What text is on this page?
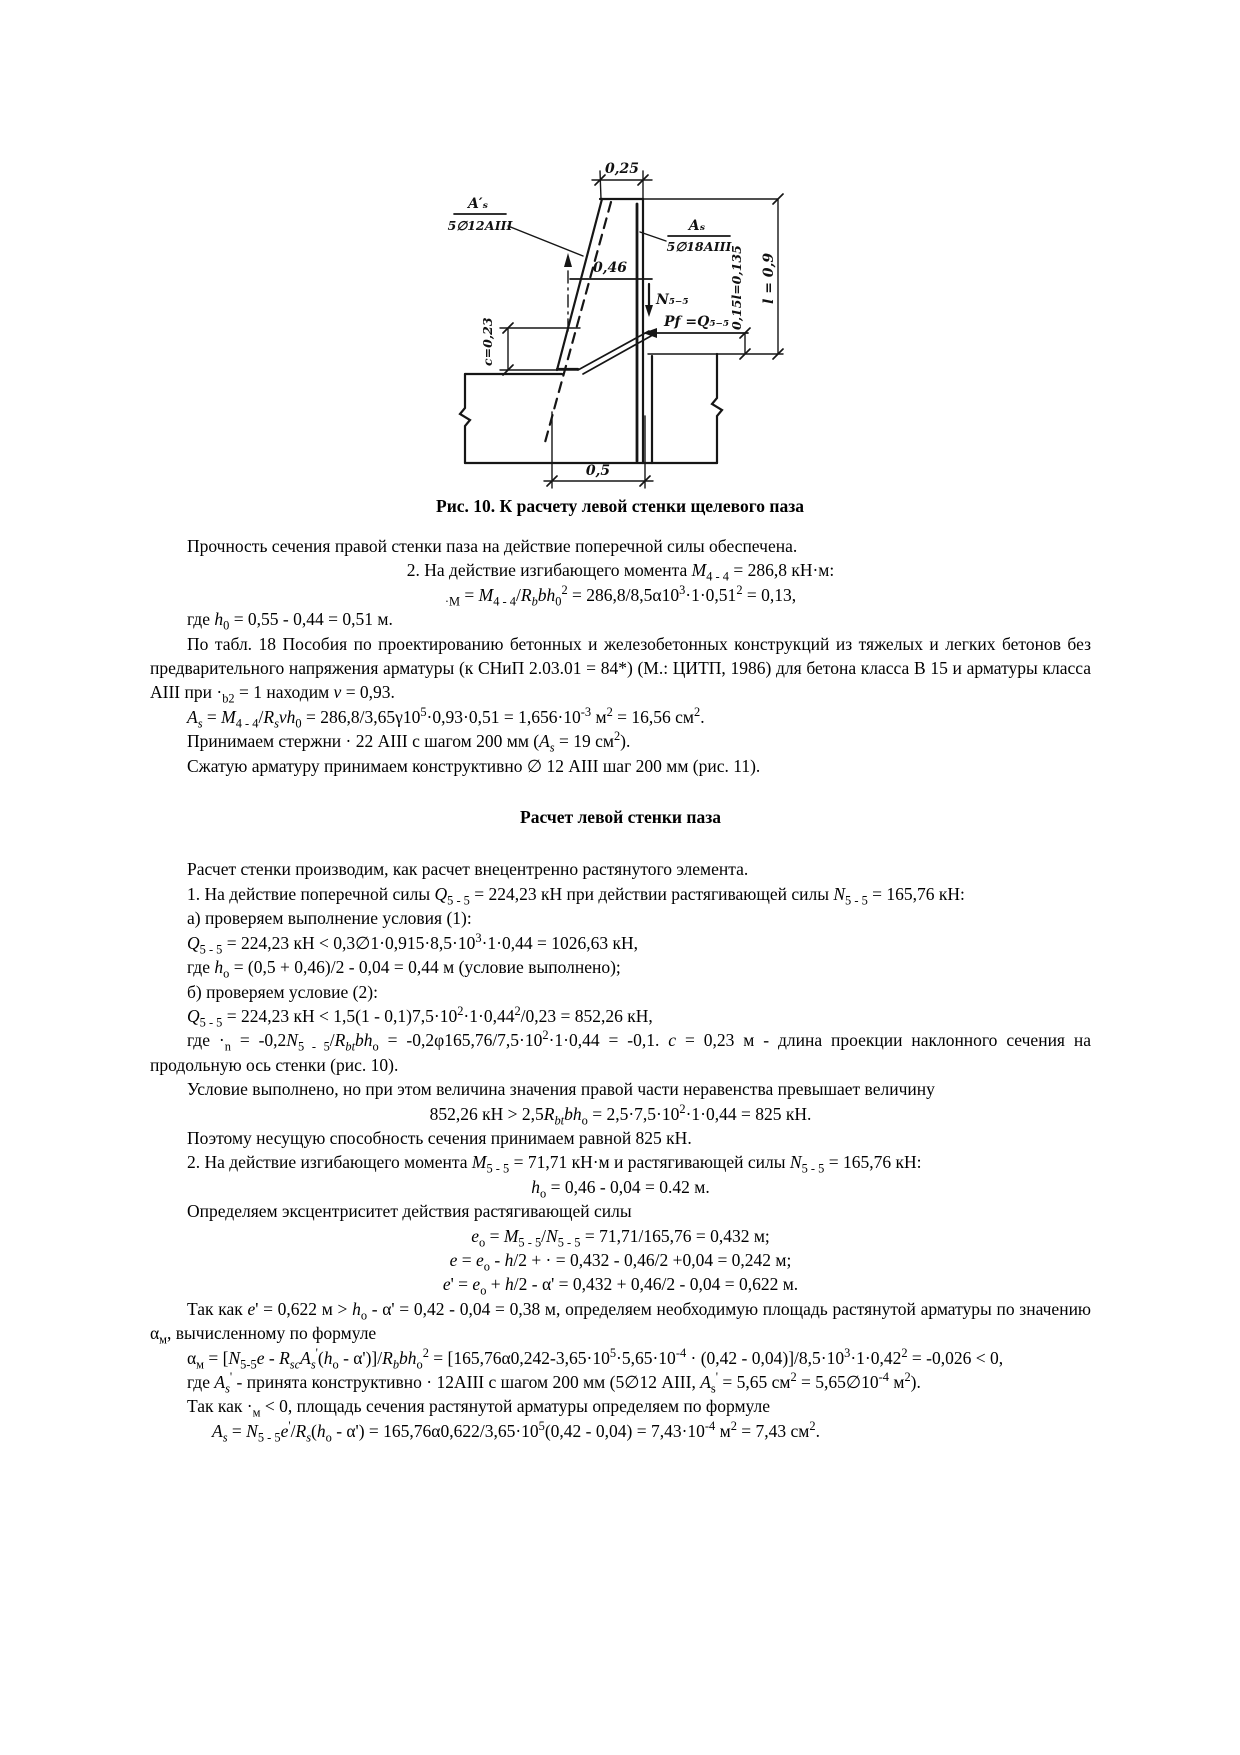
0,25
0,46
A′ₛ
5∅12АIII	Aₛ
5∅18АIII
N₅₋₅
Pf =Q₅₋₅ 0,15l=0,135 l = 0,9
с=0,23
0,5
Рис. 10. К расчету левой стенки щелевого паза

Прочность сечения правой стенки паза на действие поперечной силы обеспечена.

2. На действие изгибающего момента $M_{4 - 4} = 286,8$ кН·м:

$_{\cdot М} = M_{4 - 4}/R_bbh_0^2 = 286,8/8,5\alpha 10^3\cdot 1\cdot 0,51^2 = 0,13$,

где $h_0 = 0,55 - 0,44 = 0,51$ м.

По табл. 18 Пособия по проектированию бетонных и железобетонных конструкций из тяжелых и легких бетонов без предварительного напряжения арматуры (к СНиП 2.03.01 = 84*) (М.: ЦИТП, 1986) для бетона класса В 15 и арматуры класса АIII при $\cdot_{b2} = 1$ находим v = 0,93.

$A_s = M_{4 - 4}/R_svh_0 = 286,8/3,65\gamma 10^5\cdot 0,93\cdot 0,51 = 1,656\cdot 10^{-3}$ $м^2 = 16,56$ $см^2$.

Принимаем стержни · 22 АIII с шагом 200 мм ($A_s = 19$ $см^2$).

Сжатую арматуру принимаем конструктивно ∅ 12 АIII шаг 200 мм (рис. 11).

Расчет левой стенки паза

Расчет стенки производим, как расчет внецентренно растянутого элемента.

1. На действие поперечной силы $Q_{5 - 5} = 224,23$ кН при действии растягивающей силы $N_{5 - 5} = 165,76$ кН:

а) проверяем выполнение условия (1):

$Q_{5 - 5} = 224,23$ кН < $0,3\emptyset 1\cdot 0,915\cdot 8,5\cdot 10^3\cdot 1\cdot 0,44 = 1026,63$ кН,

где $h_о = (0,5 + 0,46)/2 - 0,04 = 0,44$ м (условие выполнено);

б) проверяем условие (2):

$Q_{5 - 5} = 224,23$ кН < $1,5(1 - 0,1)7,5\cdot 10^2\cdot 1\cdot 0,44^2/0,23 = 852,26$ кН,

где $\cdot_n = -0,2N_{5 - 5}/R_{bt}bh_о = -0,2\varphi 165,76/7,5\cdot 10^2\cdot 1\cdot 0,44 = -0,1$. c = 0,23 м - длина проекции наклонного сечения на продольную ось стенки (рис. 10).

Условие выполнено, но при этом величина значения правой части неравенства превышает величину

852,26 кН > $2,5R_{bt}bh_о = 2,5\cdot 7,5\cdot 10^2\cdot 1\cdot 0,44 = 825$ кН.

Поэтому несущую способность сечения принимаем равной 825 кН.

2. На действие изгибающего момента $M_{5 - 5} = 71,71$ кН·м и растягивающей силы $N_{5 - 5} = 165,76$ кН:

$h_о = 0,46 - 0,04 = 0.42$ м.

Определяем эксцентриситет действия растягивающей силы

$e_о = M_{5 - 5}/N_{5 - 5} = 71,71/165,76 = 0,432$ м;

$e = e_о - h/2$ + · = 0,432 - 0,46/2 +0,04 = 0,242 м;

$e' = e_о + h/2 - \alpha' = 0,432 + 0,46/2 - 0,04 = 0,622$ м.

Так как e' = 0,622 $м > h_о - \alpha' = 0,42 - 0,04 = 0,38$ м, определяем необходимую площадь растянутой арматуры по значению $\alpha_м$, вычисленному по формуле

$\alpha_м = [N_{5-5}e - R_{sc}A_s'(h_о - \alpha')]/R_bbh_о^2 = [165,76\alpha 0,242-3,65\cdot 10^5\cdot 5,65\cdot 10^{-4} \cdot (0,42 - 0,04)]/8,5\cdot 10^3\cdot 1\cdot 0,42^2 = -0,026 < 0$,

где $A_s'$ - принята конструктивно · 12АIII с шагом 200 мм (5∅12 АIII, $A_s' = 5,65$ $см^2$ = $5,65\emptyset 10^{-4}$ $м^2$).

Так как $\cdot_м < 0$, площадь сечения растянутой арматуры определяем по формуле

$A_s = N_{5 - 5}e'/R_s(h_о - \alpha') = 165,76\alpha 0,622/3,65\cdot 10^5(0,42 - 0,04) = 7,43\cdot 10^{-4}$ $м^2 = 7,43$ $см^2$.
